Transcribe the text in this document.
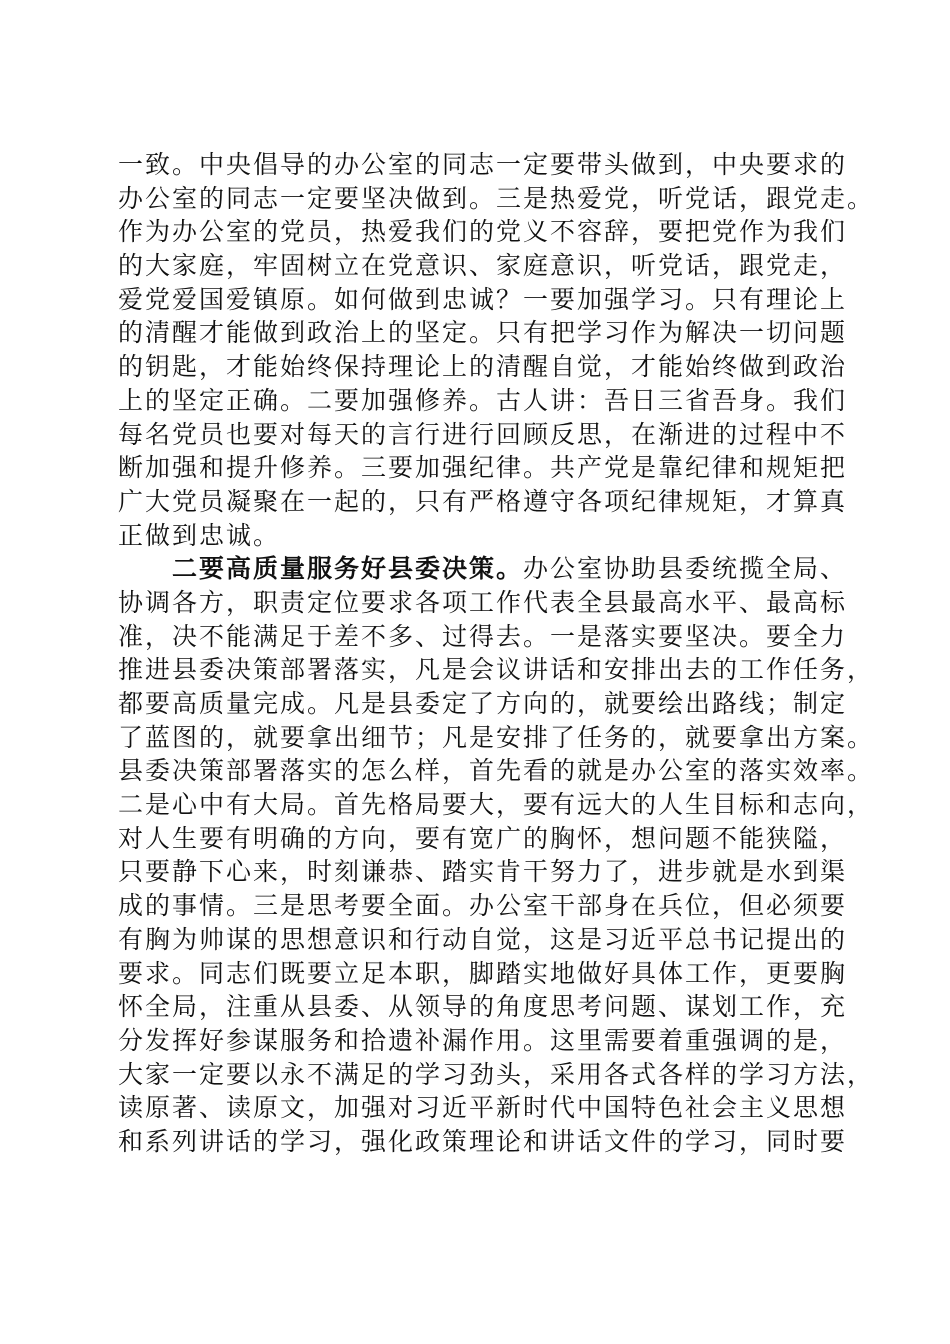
一致。中央倡导的办公室的同志一定要带头做到，中央要求的
办公室的同志一定要坚决做到。三是热爱党，听党话，跟党走。
作为办公室的党员，热爱我们的党义不容辞，要把党作为我们
的大家庭，牢固树立在党意识、家庭意识，听党话，跟党走，
爱党爱国爱镇原。如何做到忠诚？一要加强学习。只有理论上
的清醒才能做到政治上的坚定。只有把学习作为解决一切问题
的钥匙，才能始终保持理论上的清醒自觉，才能始终做到政治
上的坚定正确。二要加强修养。古人讲：吾日三省吾身。我们
每名党员也要对每天的言行进行回顾反思，在渐进的过程中不
断加强和提升修养。三要加强纪律。共产党是靠纪律和规矩把
广大党员凝聚在一起的，只有严格遵守各项纪律规矩，才算真
正做到忠诚。
二要高质量服务好县委决策。办公室协助县委统揽全局、
协调各方，职责定位要求各项工作代表全县最高水平、最高标
准，决不能满足于差不多、过得去。一是落实要坚决。要全力
推进县委决策部署落实，凡是会议讲话和安排出去的工作任务，
都要高质量完成。凡是县委定了方向的，就要绘出路线；制定
了蓝图的，就要拿出细节；凡是安排了任务的，就要拿出方案。
县委决策部署落实的怎么样，首先看的就是办公室的落实效率。
二是心中有大局。首先格局要大，要有远大的人生目标和志向，
对人生要有明确的方向，要有宽广的胸怀，想问题不能狭隘，
只要静下心来，时刻谦恭、踏实肯干努力了，进步就是水到渠
成的事情。三是思考要全面。办公室干部身在兵位，但必须要
有胸为帅谋的思想意识和行动自觉，这是习近平总书记提出的
要求。同志们既要立足本职，脚踏实地做好具体工作，更要胸
怀全局，注重从县委、从领导的角度思考问题、谋划工作，充
分发挥好参谋服务和拾遗补漏作用。这里需要着重强调的是，
大家一定要以永不满足的学习劲头，采用各式各样的学习方法，
读原著、读原文，加强对习近平新时代中国特色社会主义思想
和系列讲话的学习，强化政策理论和讲话文件的学习，同时要
